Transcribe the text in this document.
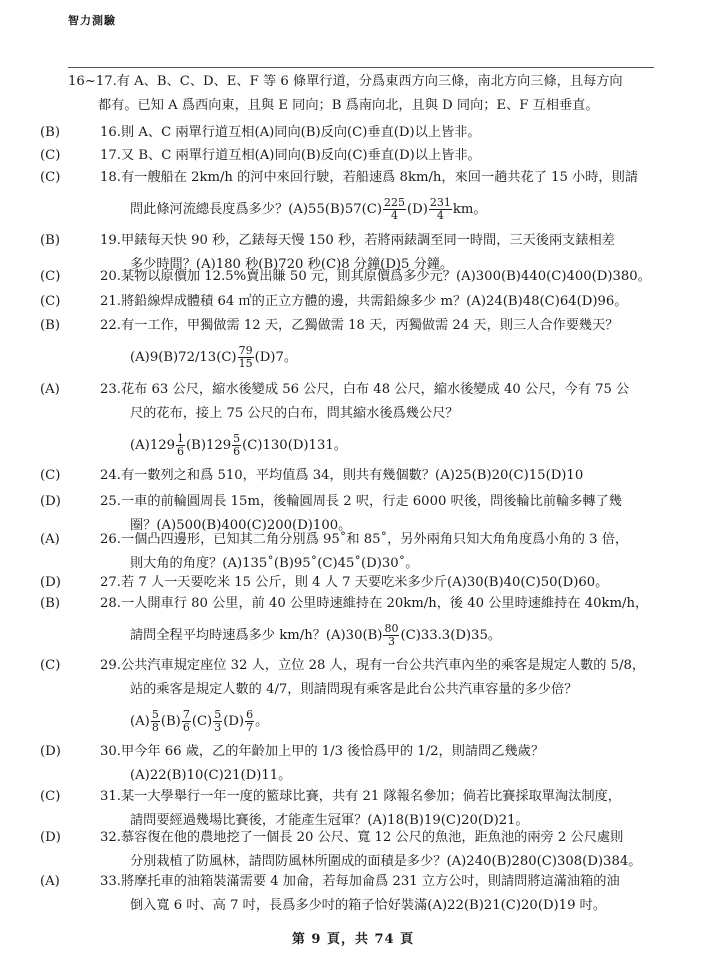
智力測驗
16~17.有 A、B、C、D、E、F 等 6 條單行道，分爲東西方向三條，南北方向三條，且每方向
都有。已知 A 爲西向東，且與 E 同向；B 爲南向北，且與 D 同向；E、F 互相垂直。
(B)	16.則 A、C 兩單行道互相(A)同向(B)反向(C)垂直(D)以上皆非。
(C)	17.又 B、C 兩單行道互相(A)同向(B)反向(C)垂直(D)以上皆非。
(C)	18.有一艘船在 2km/h 的河中來回行駛，若船速爲 8km/h，來回一趟共花了 15 小時，則請
問此條河流總長度爲多少？$(A)55(B)57(C) \frac{225}{4} (D) \frac{231}{4}$ km。
(B)	19.甲錶每天快 90 秒，乙錶每天慢 150 秒，若將兩錶調至同一時間，三天後兩支錶相差
多少時間？(A)180 秒(B)720 秒(C)8 分鐘(D)5 分鐘。
(C)	20.某物以原價加 12.5%賣出賺 50 元，則其原價爲多少元？(A)300(B)440(C)400(D)380。
(C)	21.將鉛線焊成體積 64 ㎥的正立方體的邊，共需鉛線多少 m？(A)24(B)48(C)64(D)96。
(B)	22.有一工作，甲獨做需 12 天，乙獨做需 18 天，丙獨做需 24 天，則三人合作要幾天？
$(A)9(B)72/13(C) \frac{79}{15} (D)7$。
(A)	23.花布 63 公尺，縮水後變成 56 公尺，白布 48 公尺，縮水後變成 40 公尺，今有 75 公
尺的花布，接上 75 公尺的白布，問其縮水後爲幾公尺？
$(A)129 \frac{1}{6} (B)129 \frac{5}{6} (C)130(D)131$。
(C)	24.有一數列之和爲 510，平均值爲 34，則共有幾個數？(A)25(B)20(C)15(D)10
(D)	25.一車的前輪圓周長 15m，後輪圓周長 2 呎，行走 6000 呎後，問後輪比前輪多轉了幾
圈？(A)500(B)400(C)200(D)100。
(A)	26.一個凸四邊形，已知其二角分別爲 95˚和 85˚，另外兩角只知大角角度爲小角的 3 倍，
則大角的角度？(A)135˚(B)95˚(C)45˚(D)30˚。
(D)	27.若 7 人一天要吃米 15 公斤，則 4 人 7 天要吃米多少斤(A)30(B)40(C)50(D)60。
(B)	28.一人開車行 80 公里，前 40 公里時速維持在 20km/h，後 40 公里時速維持在 40km/h，
請問全程平均時速爲多少 km/h？$(A)30(B) \frac{80}{3} (C)33.3(D)35$。
(C)	29.公共汽車規定座位 32 人，立位 28 人，現有一台公共汽車內坐的乘客是規定人數的 5/8，
站的乘客是規定人數的 4/7，則請問現有乘客是此台公共汽車容量的多少倍？
$(A) \frac{5}{8} (B) \frac{7}{6} (C) \frac{5}{3} (D) \frac{6}{7}$ 。
(D)	30.甲今年 66 歲，乙的年齡加上甲的 1/3 後恰爲甲的 1/2，則請問乙幾歲？
(A)22(B)10(C)21(D)11。
(C)	31.某一大學舉行一年一度的籃球比賽，共有 21 隊報名參加；倘若比賽採取單淘汰制度，
請問要經過幾場比賽後，才能產生冠軍？(A)18(B)19(C)20(D)21。
(D)	32.慕容復在他的農地挖了一個長 20 公尺、寬 12 公尺的魚池，距魚池的兩旁 2 公尺處則
分別栽植了防風林，請問防風林所圍成的面積是多少？(A)240(B)280(C)308(D)384。
(A)	33.將摩托車的油箱裝滿需要 4 加侖，若每加侖爲 231 立方公吋，則請問將這滿油箱的油
倒入寬 6 吋、高 7 吋，長爲多少吋的箱子恰好裝滿(A)22(B)21(C)20(D)19 吋。
第 9 頁，共 74 頁
